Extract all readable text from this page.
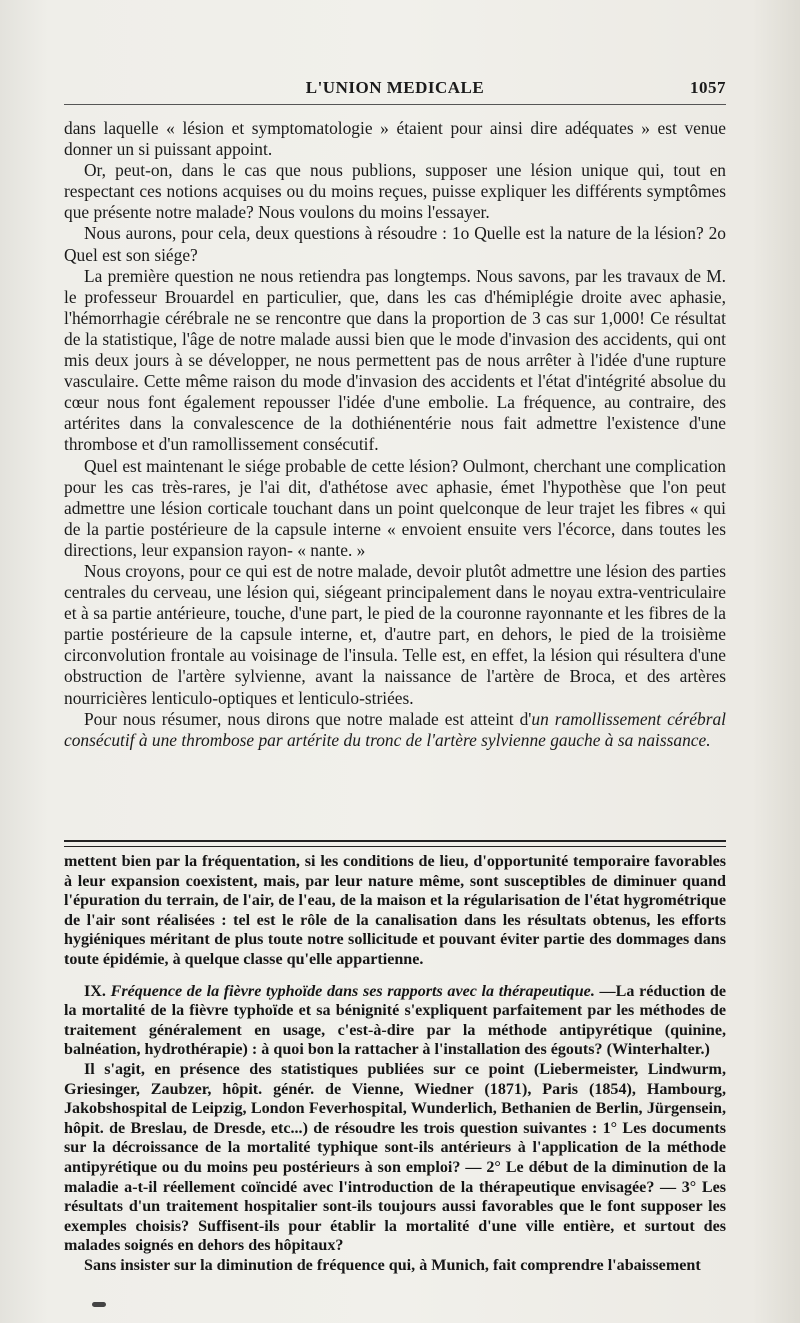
L'UNION MEDICALE	1057

dans laquelle « lésion et symptomatologie » étaient pour ainsi dire adéquates » est venue donner un si puissant appoint.

Or, peut-on, dans le cas que nous publions, supposer une lésion unique qui, tout en respectant ces notions acquises ou du moins reçues, puisse expliquer les différents symptômes que présente notre malade? Nous voulons du moins l'essayer.

Nous aurons, pour cela, deux questions à résoudre : 1o Quelle est la nature de la lésion? 2o Quel est son siége?

La première question ne nous retiendra pas longtemps. Nous savons, par les travaux de M. le professeur Brouardel en particulier, que, dans les cas d'hémiplégie droite avec aphasie, l'hémorrhagie cérébrale ne se rencontre que dans la proportion de 3 cas sur 1,000! Ce résultat de la statistique, l'âge de notre malade aussi bien que le mode d'invasion des accidents, qui ont mis deux jours à se développer, ne nous permettent pas de nous arrêter à l'idée d'une rupture vasculaire. Cette même raison du mode d'invasion des accidents et l'état d'intégrité absolue du cœur nous font également repousser l'idée d'une embolie. La fréquence, au contraire, des artérites dans la convalescence de la dothiénentérie nous fait admettre l'existence d'une thrombose et d'un ramollissement consécutif.

Quel est maintenant le siége probable de cette lésion? Oulmont, cherchant une complication pour les cas très-rares, je l'ai dit, d'athétose avec aphasie, émet l'hypothèse que l'on peut admettre une lésion corticale touchant dans un point quelconque de leur trajet les fibres « qui de la partie postérieure de la capsule interne « envoient ensuite vers l'écorce, dans toutes les directions, leur expansion rayon- « nante. »

Nous croyons, pour ce qui est de notre malade, devoir plutôt admettre une lésion des parties centrales du cerveau, une lésion qui, siégeant principalement dans le noyau extra-ventriculaire et à sa partie antérieure, touche, d'une part, le pied de la couronne rayonnante et les fibres de la partie postérieure de la capsule interne, et, d'autre part, en dehors, le pied de la troisième circonvolution frontale au voisinage de l'insula. Telle est, en effet, la lésion qui résultera d'une obstruction de l'artère sylvienne, avant la naissance de l'artère de Broca, et des artères nourricières lenticulo-optiques et lenticulo-striées.

Pour nous résumer, nous dirons que notre malade est atteint d'un ramollissement cérébral consécutif à une thrombose par artérite du tronc de l'artère sylvienne gauche à sa naissance.

mettent bien par la fréquentation, si les conditions de lieu, d'opportunité temporaire favorables à leur expansion coexistent, mais, par leur nature même, sont susceptibles de diminuer quand l'épuration du terrain, de l'air, de l'eau, de la maison et la régularisation de l'état hygrométrique de l'air sont réalisées : tel est le rôle de la canalisation dans les résultats obtenus, les efforts hygiéniques méritant de plus toute notre sollicitude et pouvant éviter partie des dommages dans toute épidémie, à quelque classe qu'elle appartienne.

IX. Fréquence de la fièvre typhoïde dans ses rapports avec la thérapeutique. —La réduction de la mortalité de la fièvre typhoïde et sa bénignité s'expliquent parfaitement par les méthodes de traitement généralement en usage, c'est-à-dire par la méthode antipyrétique (quinine, balnéation, hydrothérapie) : à quoi bon la rattacher à l'installation des égouts? (Winterhalter.)

Il s'agit, en présence des statistiques publiées sur ce point (Liebermeister, Lindwurm, Griesinger, Zaubzer, hôpit. génér. de Vienne, Wiedner (1871), Paris (1854), Hambourg, Jakobshospital de Leipzig, London Feverhospital, Wunderlich, Bethanien de Berlin, Jürgensein, hôpit. de Breslau, de Dresde, etc...) de résoudre les trois question suivantes : 1° Les documents sur la décroissance de la mortalité typhique sont-ils antérieurs à l'application de la méthode antipyrétique ou du moins peu postérieurs à son emploi? — 2° Le début de la diminution de la maladie a-t-il réellement coïncidé avec l'introduction de la thérapeutique envisagée? — 3° Les résultats d'un traitement hospitalier sont-ils toujours aussi favorables que le font supposer les exemples choisis? Suffisent-ils pour établir la mortalité d'une ville entière, et surtout des malades soignés en dehors des hôpitaux?

Sans insister sur la diminution de fréquence qui, à Munich, fait comprendre l'abaissement
